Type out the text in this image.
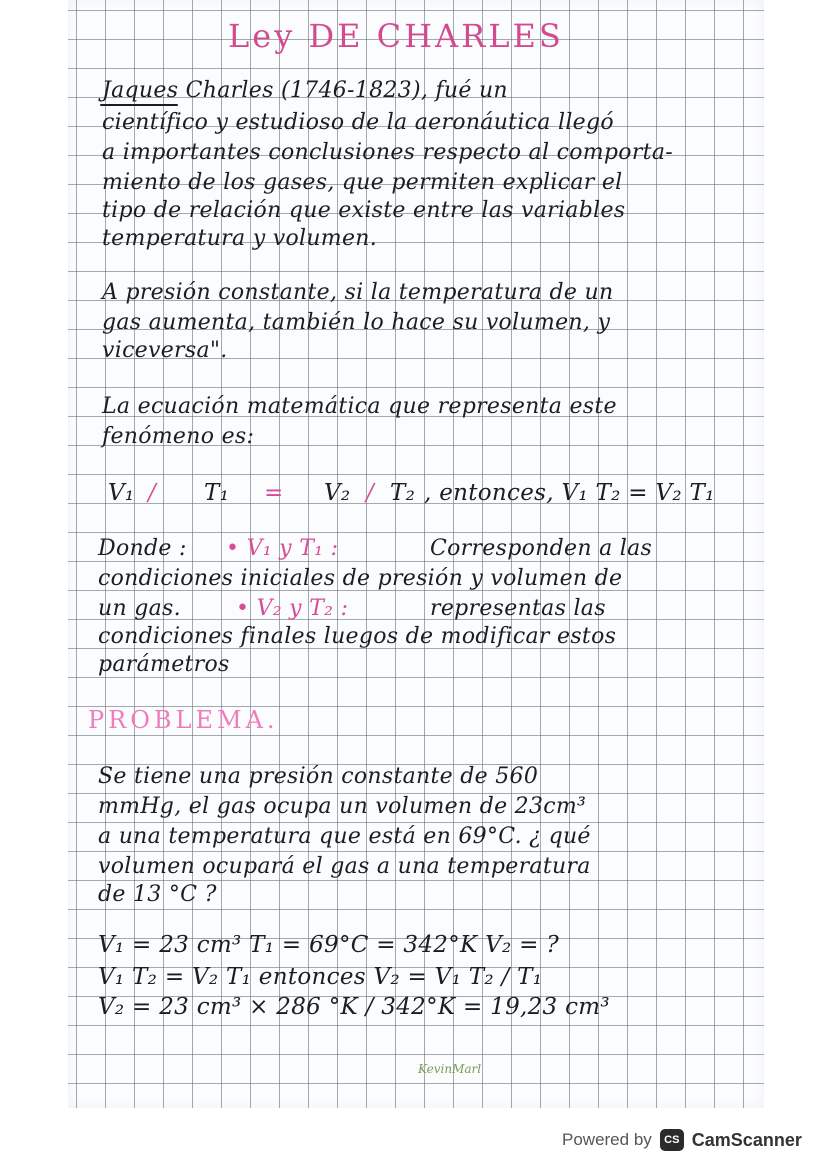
Ley DE CHARLES
Jaques Charles (1746-1823), fué un
científico y estudioso de la aeronáutica llegó
a importantes conclusiones respecto al comporta-
miento de los gases, que permiten explicar el
tipo de relación que existe entre las variables
temperatura y volumen.
A presión constante, si la temperatura de un
gas aumenta, también lo hace su volumen, y
viceversa".
La ecuación matemática que representa este
fenómeno es:
V₁ / T₁ = V₂ / T₂ , entonces, V₁ T₂ = V₂ T₁
Donde : • V₁ y T₁ :	Corresponden a las
condiciones iniciales de presión y volumen de
un gas.	• V₂ y T₂ :	representas las
condiciones finales luegos de modificar estos
parámetros
PROBLEMA.
Se tiene una presión constante de 560
mmHg, el gas ocupa un volumen de 23cm³
a una temperatura que está en 69°C. ¿ qué
volumen ocupará el gas a una temperatura
de 13 °C ?
V₁ = 23 cm³ T₁ = 69°C = 342°K V₂ = ?
V₁ T₂ = V₂ T₁ entonces V₂ = V₁ T₂ / T₁
V₂ = 23 cm³ × 286 °K / 342°K = 19,23 cm³
KevinMarl
Powered by	CS CamScanner
